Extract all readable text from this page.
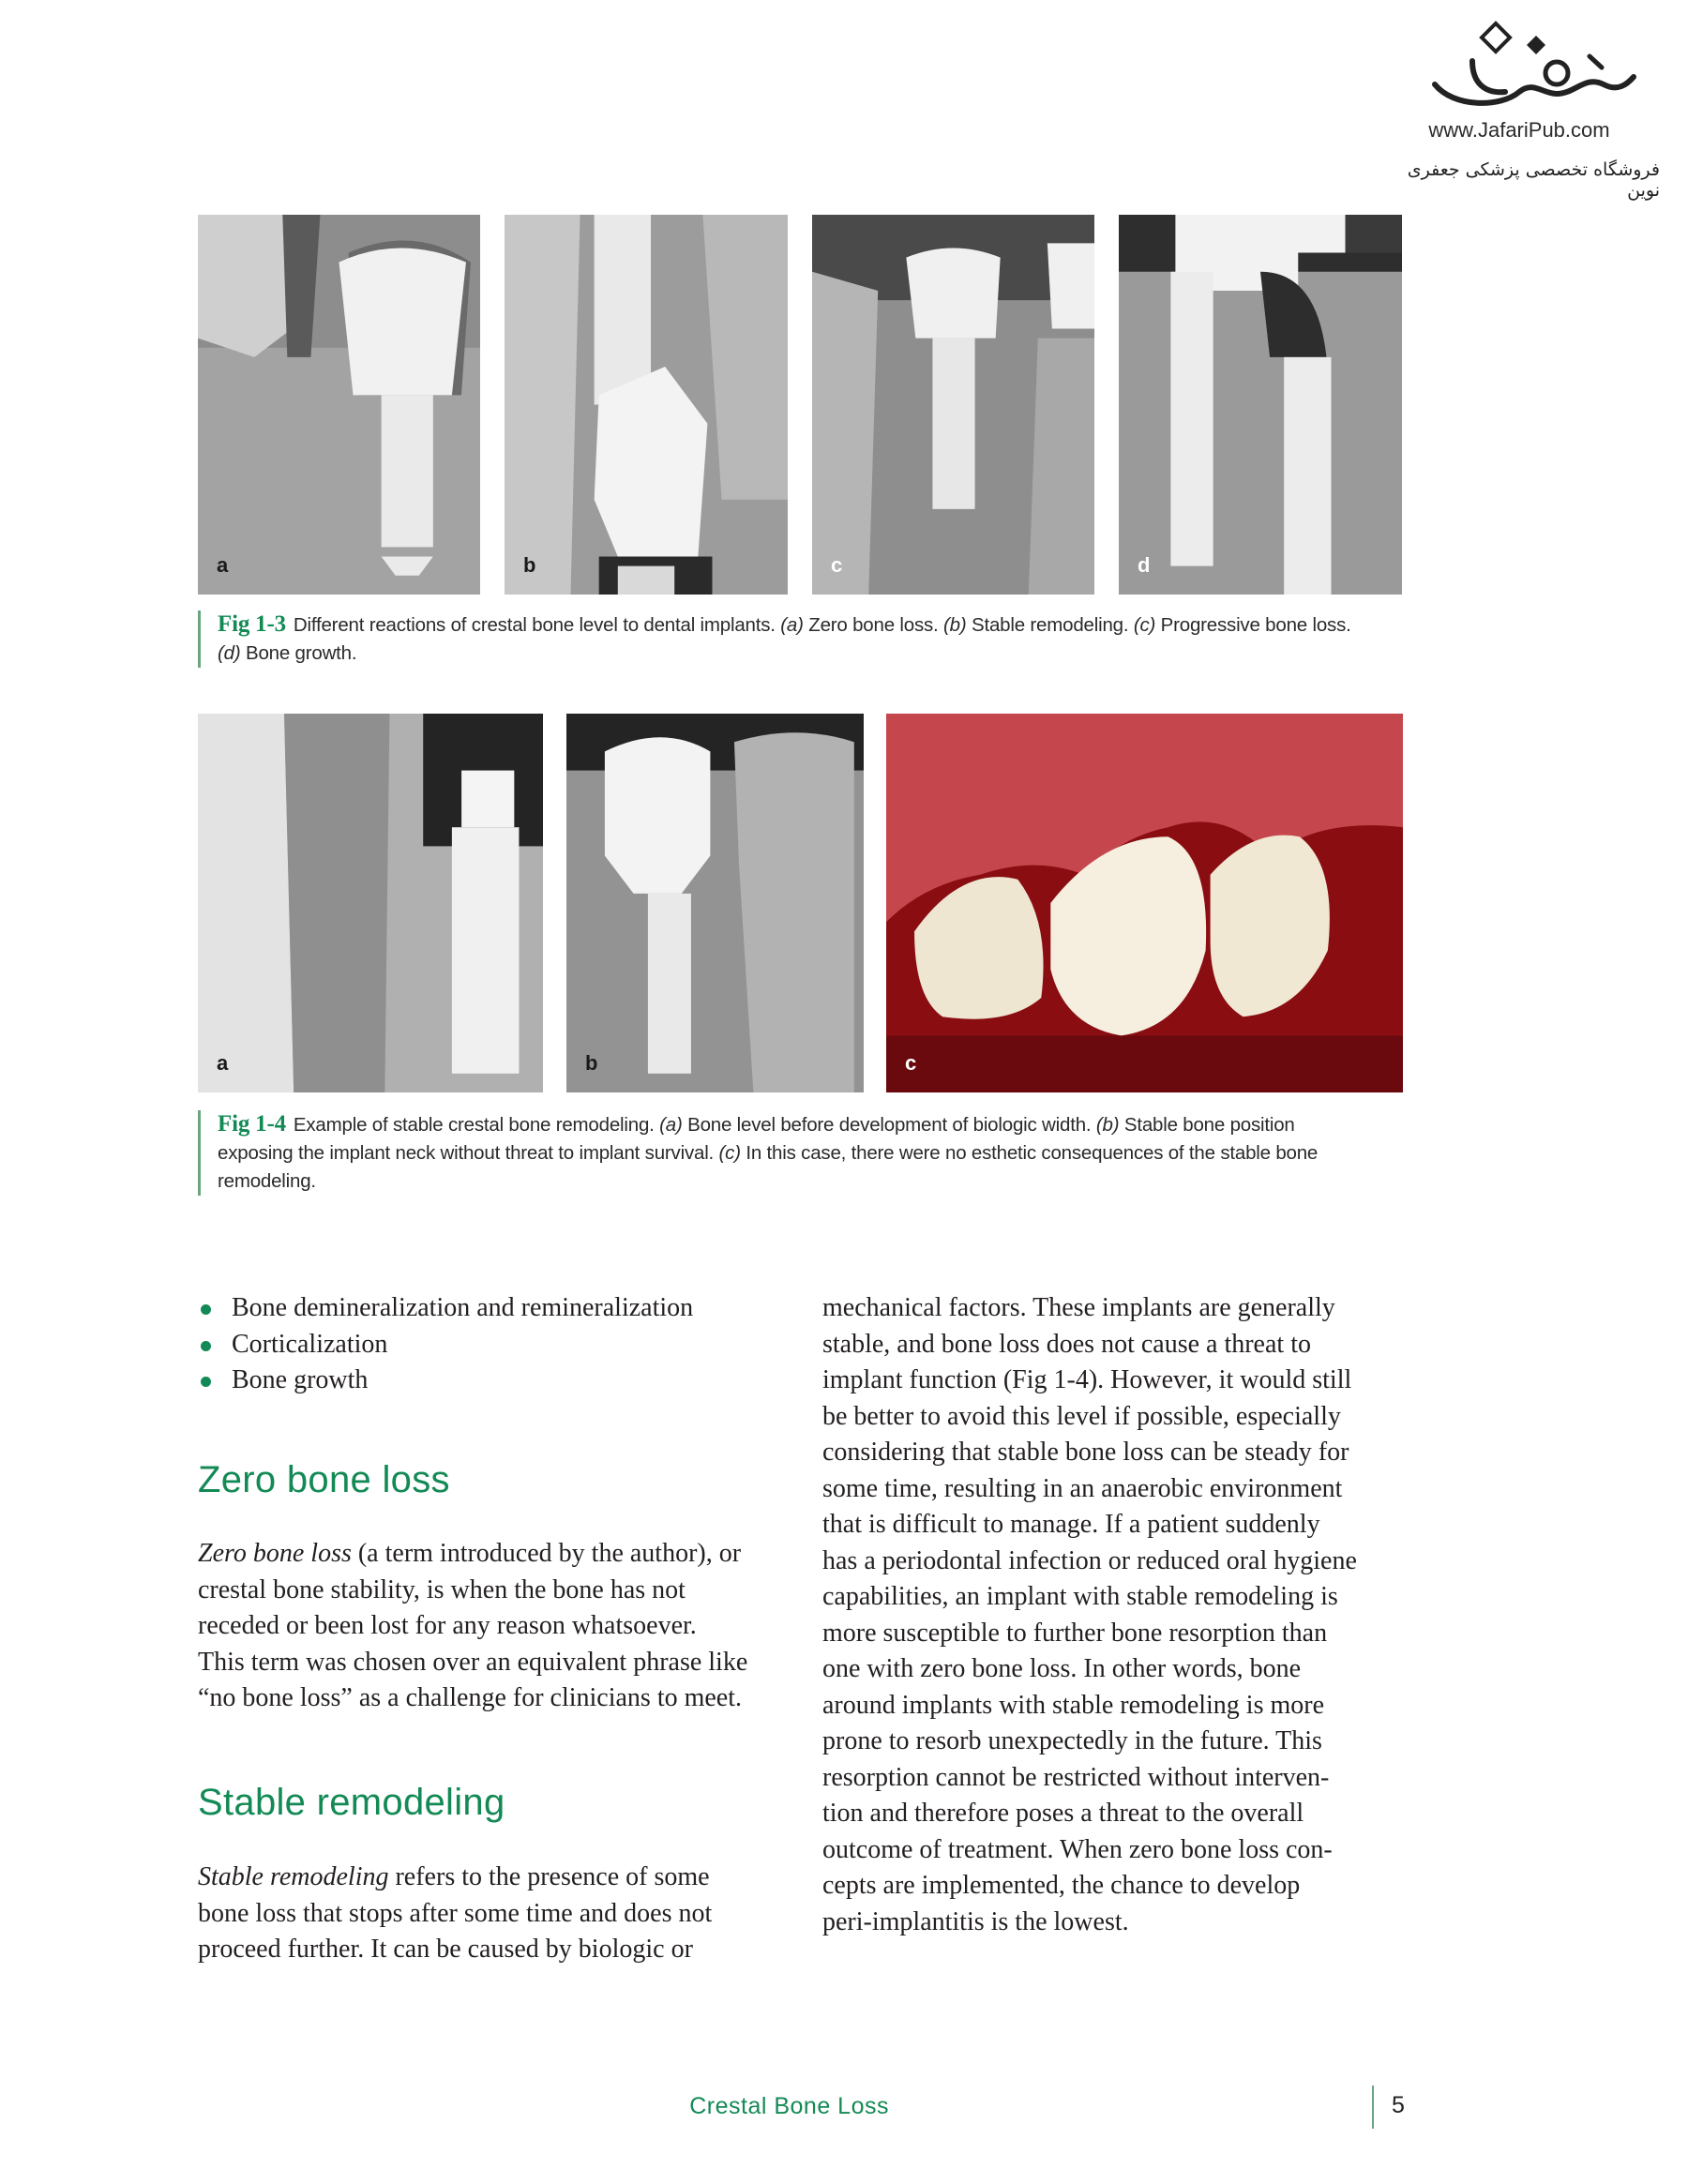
www.JafariPub.com
فروشگاه تخصصی پزشکی جعفری نوین
a	b	c	d
Fig 1-3 Different reactions of crestal bone level to dental implants. (a) Zero bone loss. (b) Stable remodeling. (c) Progressive bone loss.
(d) Bone growth.
a	b	c
Fig 1-4 Example of stable crestal bone remodeling. (a) Bone level before development of biologic width. (b) Stable bone position
exposing the implant neck without threat to implant survival. (c) In this case, there were no esthetic consequences of the stable bone
remodeling.
Bone demineralization and remineralization
Corticalization
Bone growth
Zero bone loss
Zero bone loss (a term introduced by the author), or
crestal bone stability, is when the bone has not
receded or been lost for any reason whatsoever.
This term was chosen over an equivalent phrase like
“no bone loss” as a challenge for clinicians to meet.
Stable remodeling
Stable remodeling refers to the presence of some
bone loss that stops after some time and does not
proceed further. It can be caused by biologic or
mechanical factors. These implants are generally
stable, and bone loss does not cause a threat to
implant function (Fig 1-4). However, it would still
be better to avoid this level if possible, especially
considering that stable bone loss can be steady for
some time, resulting in an anaerobic environment
that is difficult to manage. If a patient suddenly
has a periodontal infection or reduced oral hygiene
capabilities, an implant with stable remodeling is
more susceptible to further bone resorption than
one with zero bone loss. In other words, bone
around implants with stable remodeling is more
prone to resorb unexpectedly in the future. This
resorption cannot be restricted without interven-
tion and therefore poses a threat to the overall
outcome of treatment. When zero bone loss con-
cepts are implemented, the chance to develop
peri-implantitis is the lowest.
Crestal Bone Loss	5
